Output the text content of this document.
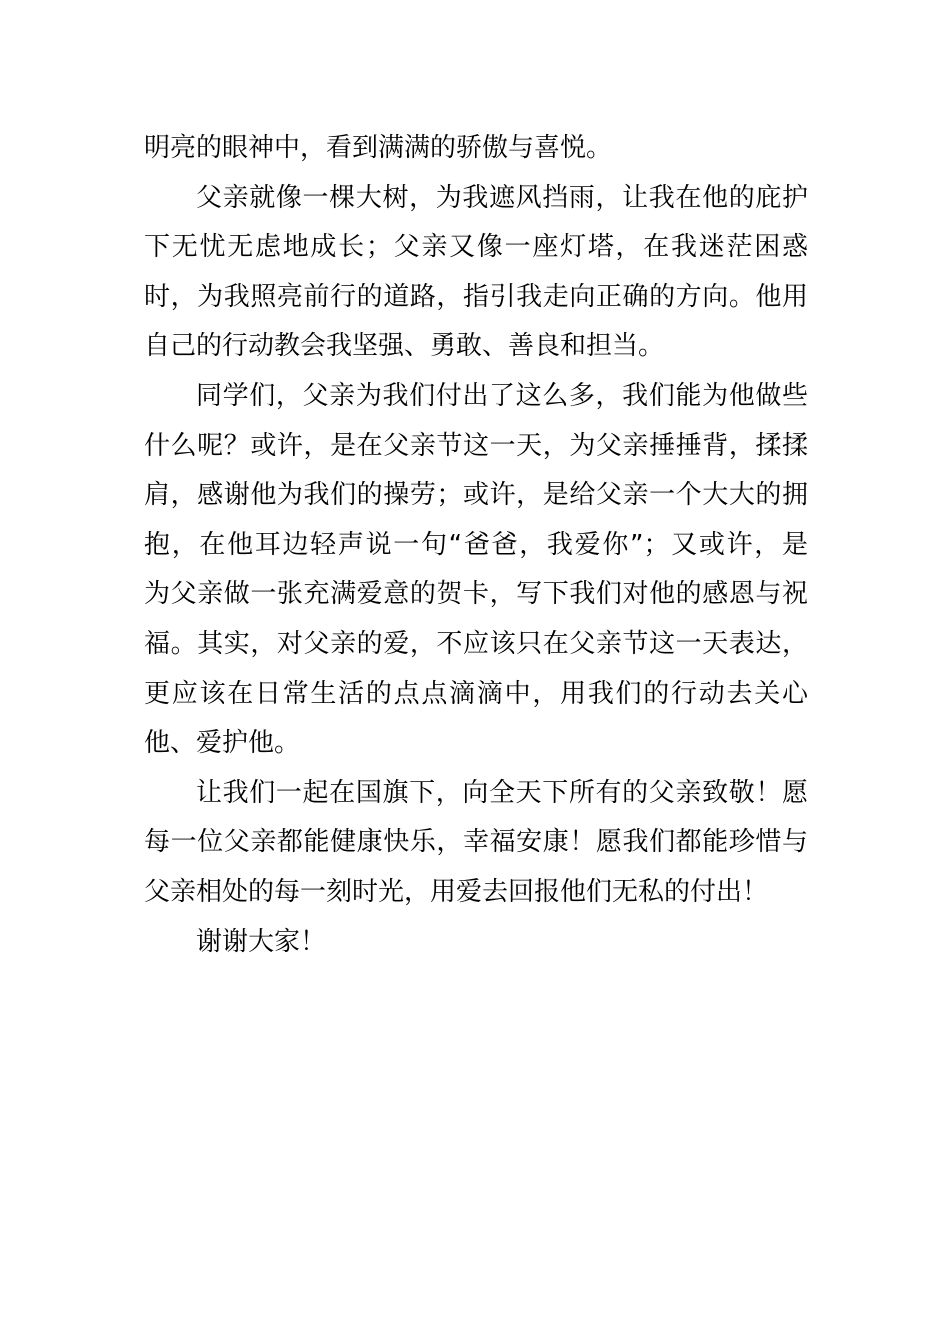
明亮的眼神中，看到满满的骄傲与喜悦。

父亲就像一棵大树，为我遮风挡雨，让我在他的庇护
下无忧无虑地成长；父亲又像一座灯塔，在我迷茫困惑
时，为我照亮前行的道路，指引我走向正确的方向。他用
自己的行动教会我坚强、勇敢、善良和担当。

同学们，父亲为我们付出了这么多，我们能为他做些
什么呢？或许，是在父亲节这一天，为父亲捶捶背，揉揉
肩，感谢他为我们的操劳；或许，是给父亲一个大大的拥
抱，在他耳边轻声说一句“爸爸，我爱你”；又或许，是
为父亲做一张充满爱意的贺卡，写下我们对他的感恩与祝
福。其实，对父亲的爱，不应该只在父亲节这一天表达，
更应该在日常生活的点点滴滴中，用我们的行动去关心
他、爱护他。

让我们一起在国旗下，向全天下所有的父亲致敬！愿
每一位父亲都能健康快乐，幸福安康！愿我们都能珍惜与
父亲相处的每一刻时光，用爱去回报他们无私的付出！

谢谢大家！
